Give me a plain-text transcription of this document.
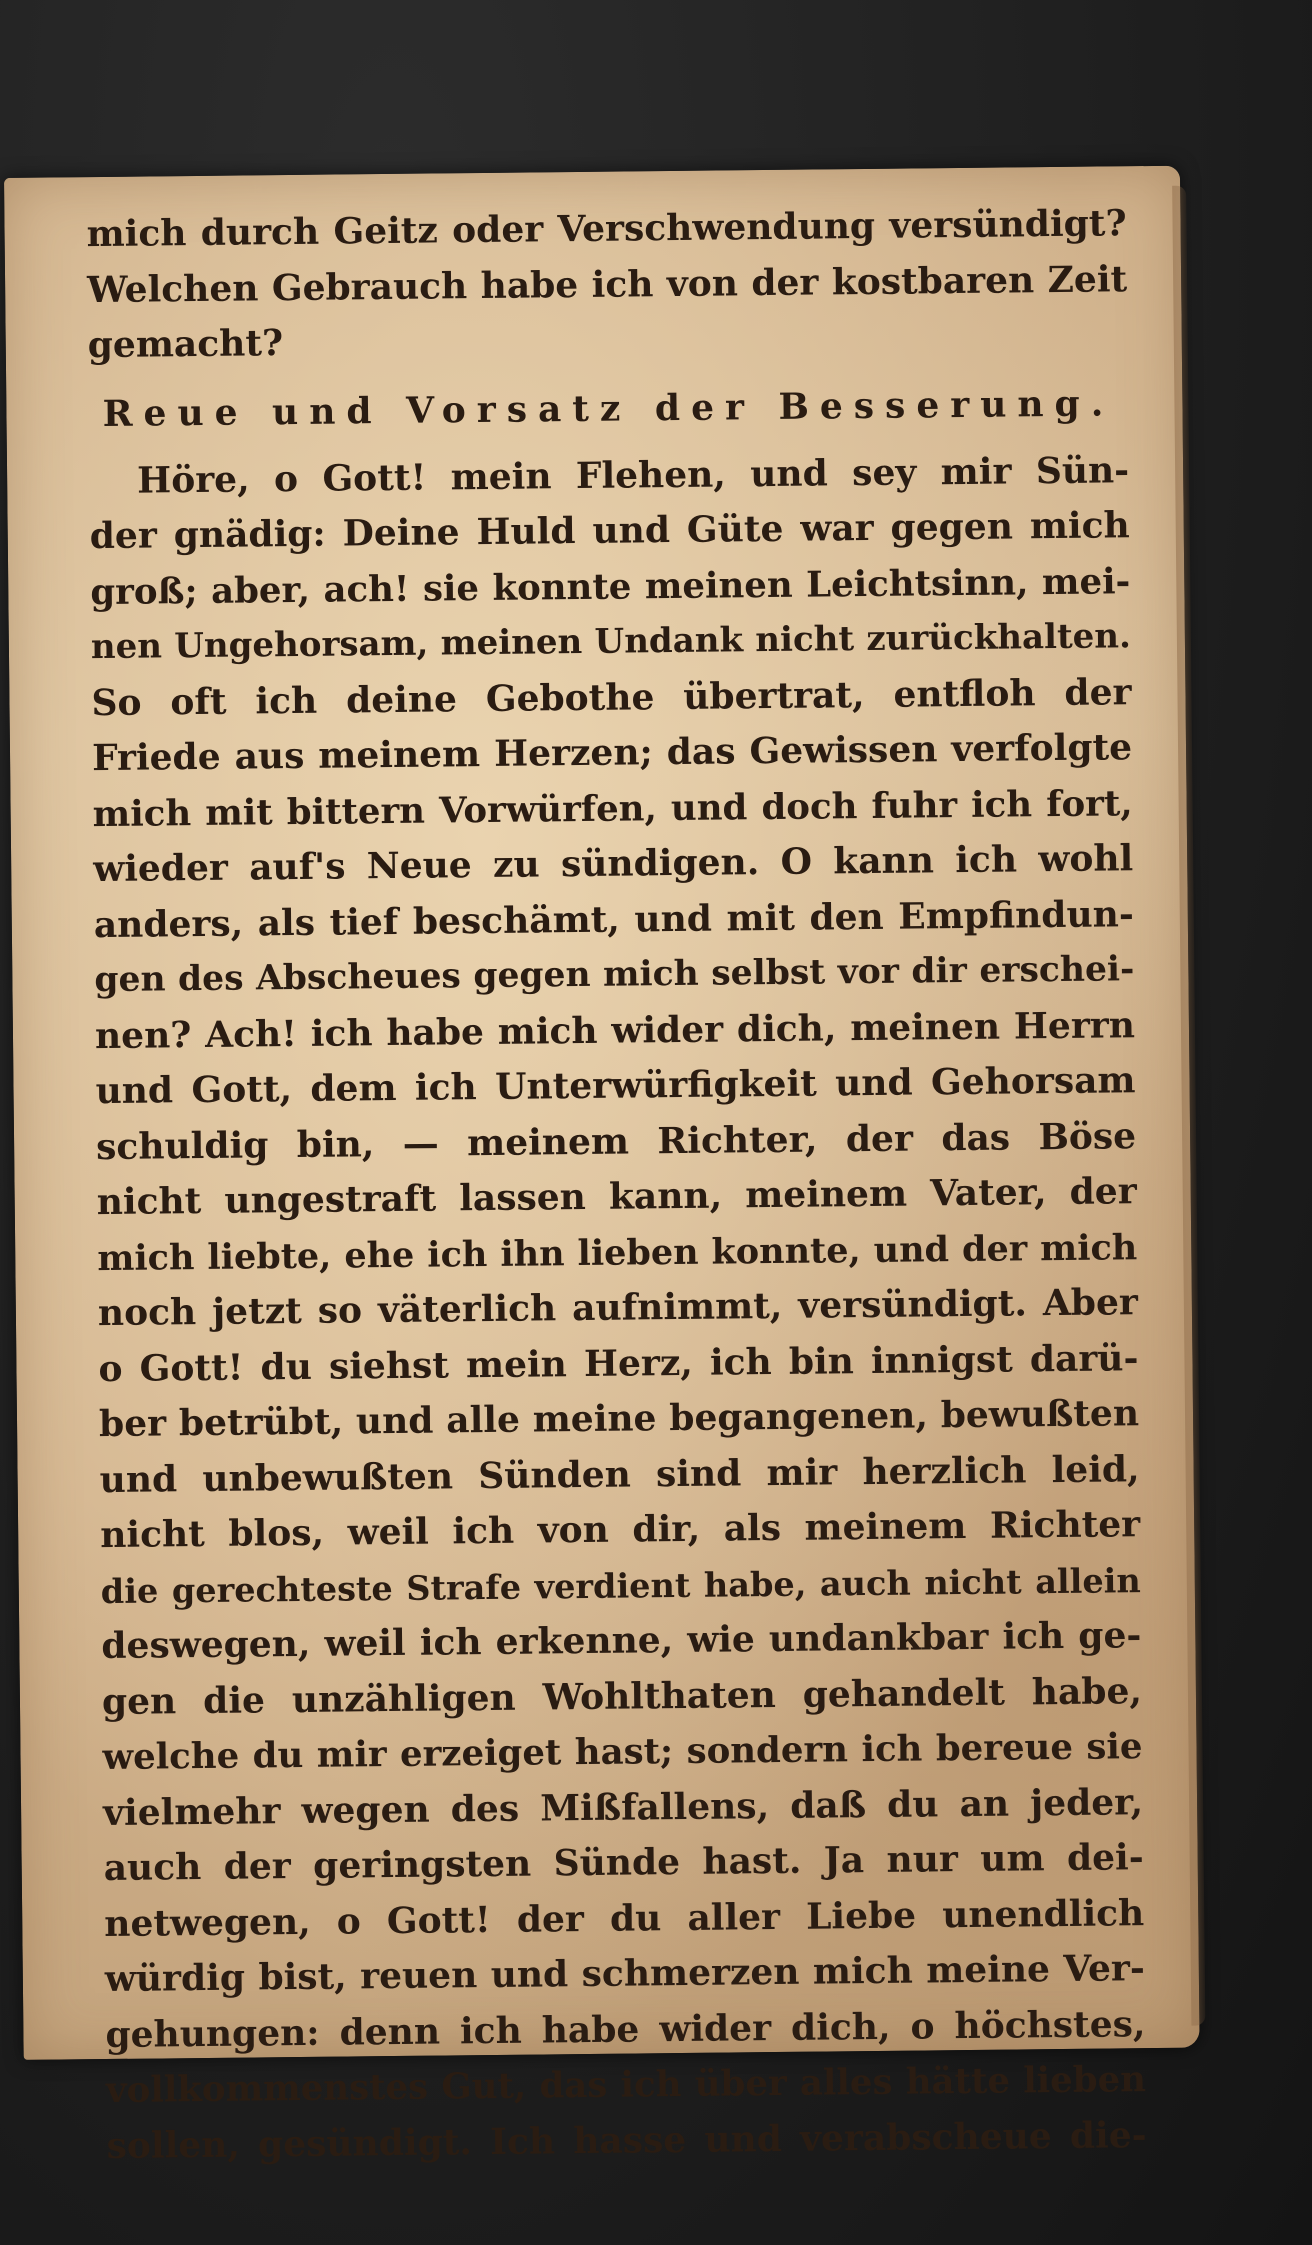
mich durch Geitz oder Verschwendung versündigt?
Welchen Gebrauch habe ich von der kostbaren Zeit
gemacht?
Reue und Vorsatz der Besserung.
Höre, o Gott! mein Flehen, und sey mir Sün-
der gnädig: Deine Huld und Güte war gegen mich
groß; aber, ach! sie konnte meinen Leichtsinn, mei-
nen Ungehorsam, meinen Undank nicht zurückhalten.
So oft ich deine Gebothe übertrat, entfloh der
Friede aus meinem Herzen; das Gewissen verfolgte
mich mit bittern Vorwürfen, und doch fuhr ich fort,
wieder auf's Neue zu sündigen. O kann ich wohl
anders, als tief beschämt, und mit den Empfindun-
gen des Abscheues gegen mich selbst vor dir erschei-
nen? Ach! ich habe mich wider dich, meinen Herrn
und Gott, dem ich Unterwürfigkeit und Gehorsam
schuldig bin, — meinem Richter, der das Böse
nicht ungestraft lassen kann, meinem Vater, der
mich liebte, ehe ich ihn lieben konnte, und der mich
noch jetzt so väterlich aufnimmt, versündigt. Aber
o Gott! du siehst mein Herz, ich bin innigst darü-
ber betrübt, und alle meine begangenen, bewußten
und unbewußten Sünden sind mir herzlich leid,
nicht blos, weil ich von dir, als meinem Richter
die gerechteste Strafe verdient habe, auch nicht allein
deswegen, weil ich erkenne, wie undankbar ich ge-
gen die unzähligen Wohlthaten gehandelt habe,
welche du mir erzeiget hast; sondern ich bereue sie
vielmehr wegen des Mißfallens, daß du an jeder,
auch der geringsten Sünde hast. Ja nur um dei-
netwegen, o Gott! der du aller Liebe unendlich
würdig bist, reuen und schmerzen mich meine Ver-
gehungen: denn ich habe wider dich, o höchstes,
vollkommenstes Gut, das ich über alles hätte lieben
sollen, gesündigt. Ich hasse und verabscheue die-
